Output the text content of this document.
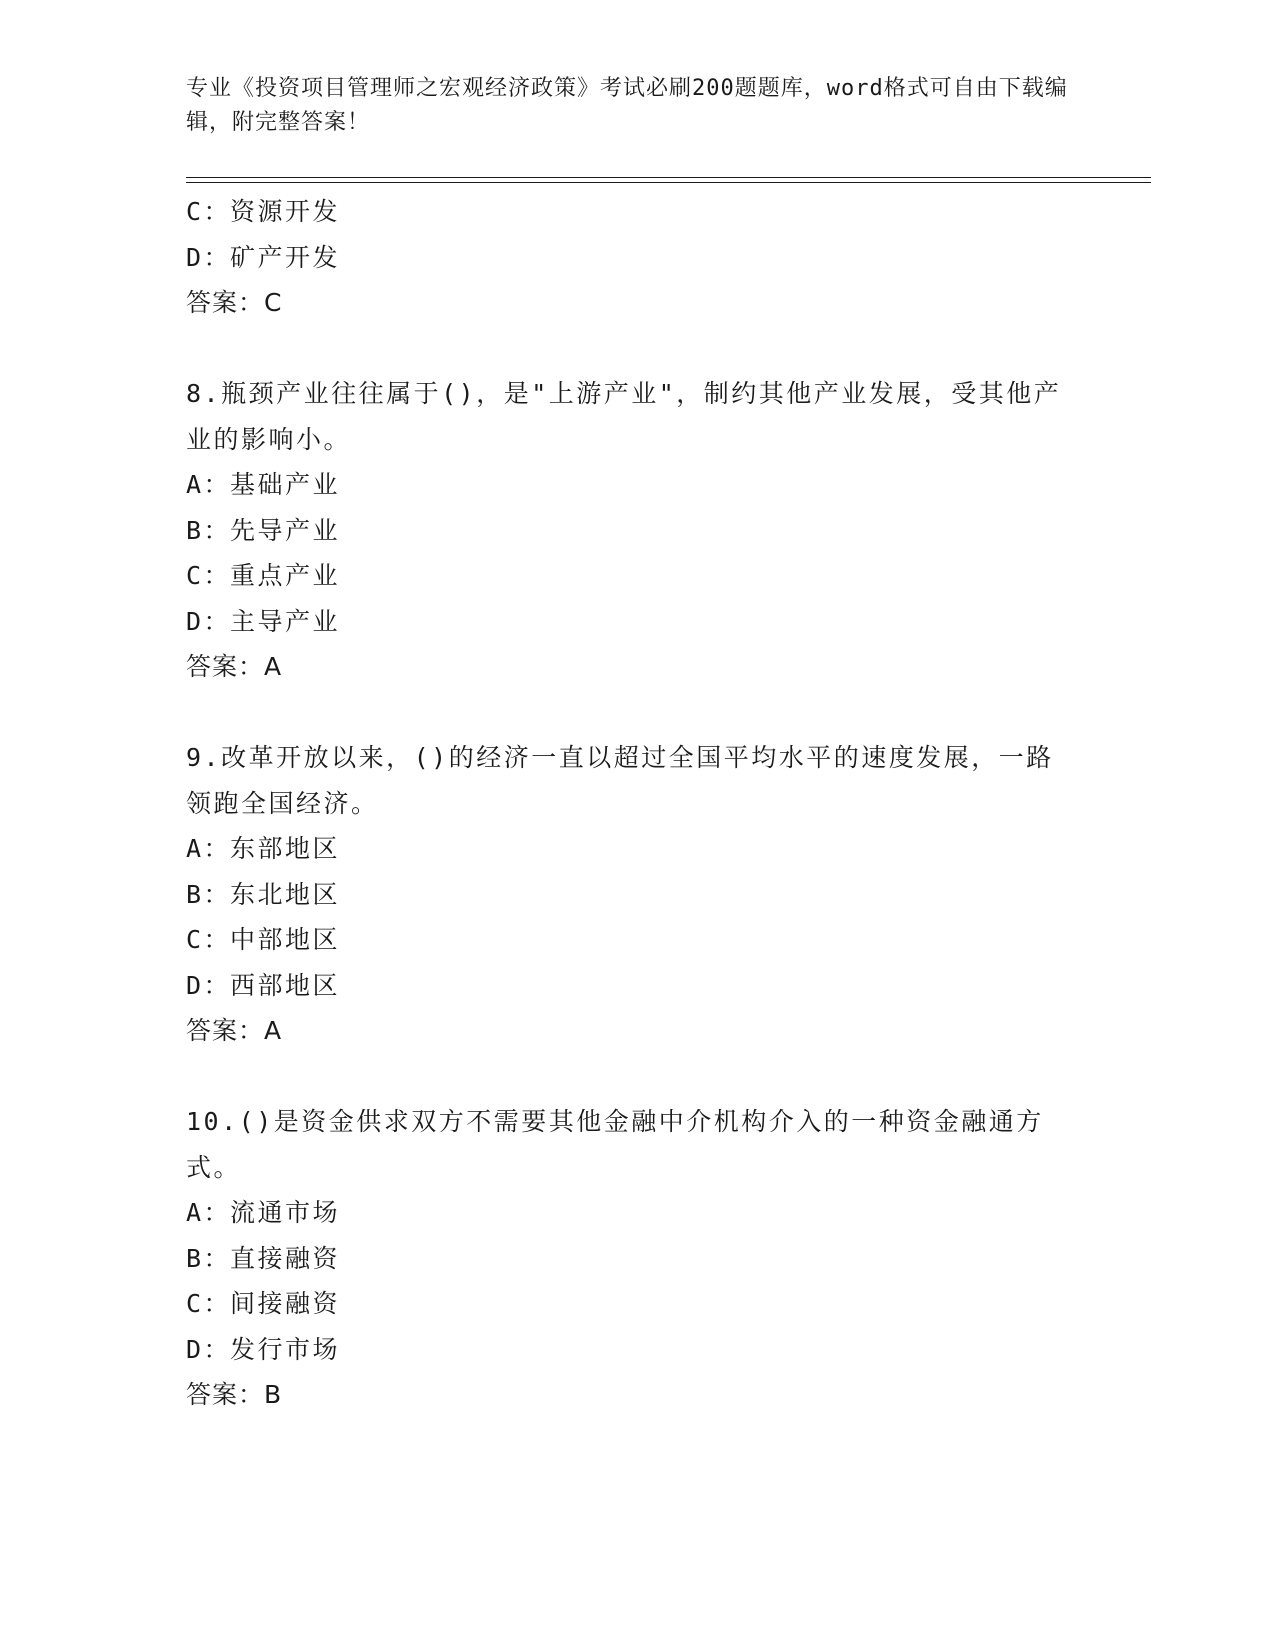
专业《投资项目管理师之宏观经济政策》考试必刷200题题库，word格式可自由下载编辑，附完整答案！
C：资源开发
D：矿产开发
答案：C
8.瓶颈产业往往属于()，是"上游产业"，制约其他产业发展，受其他产业的影响小。
A：基础产业
B：先导产业
C：重点产业
D：主导产业
答案：A
9.改革开放以来，()的经济一直以超过全国平均水平的速度发展，一路领跑全国经济。
A：东部地区
B：东北地区
C：中部地区
D：西部地区
答案：A
10.()是资金供求双方不需要其他金融中介机构介入的一种资金融通方式。
A：流通市场
B：直接融资
C：间接融资
D：发行市场
答案：B
